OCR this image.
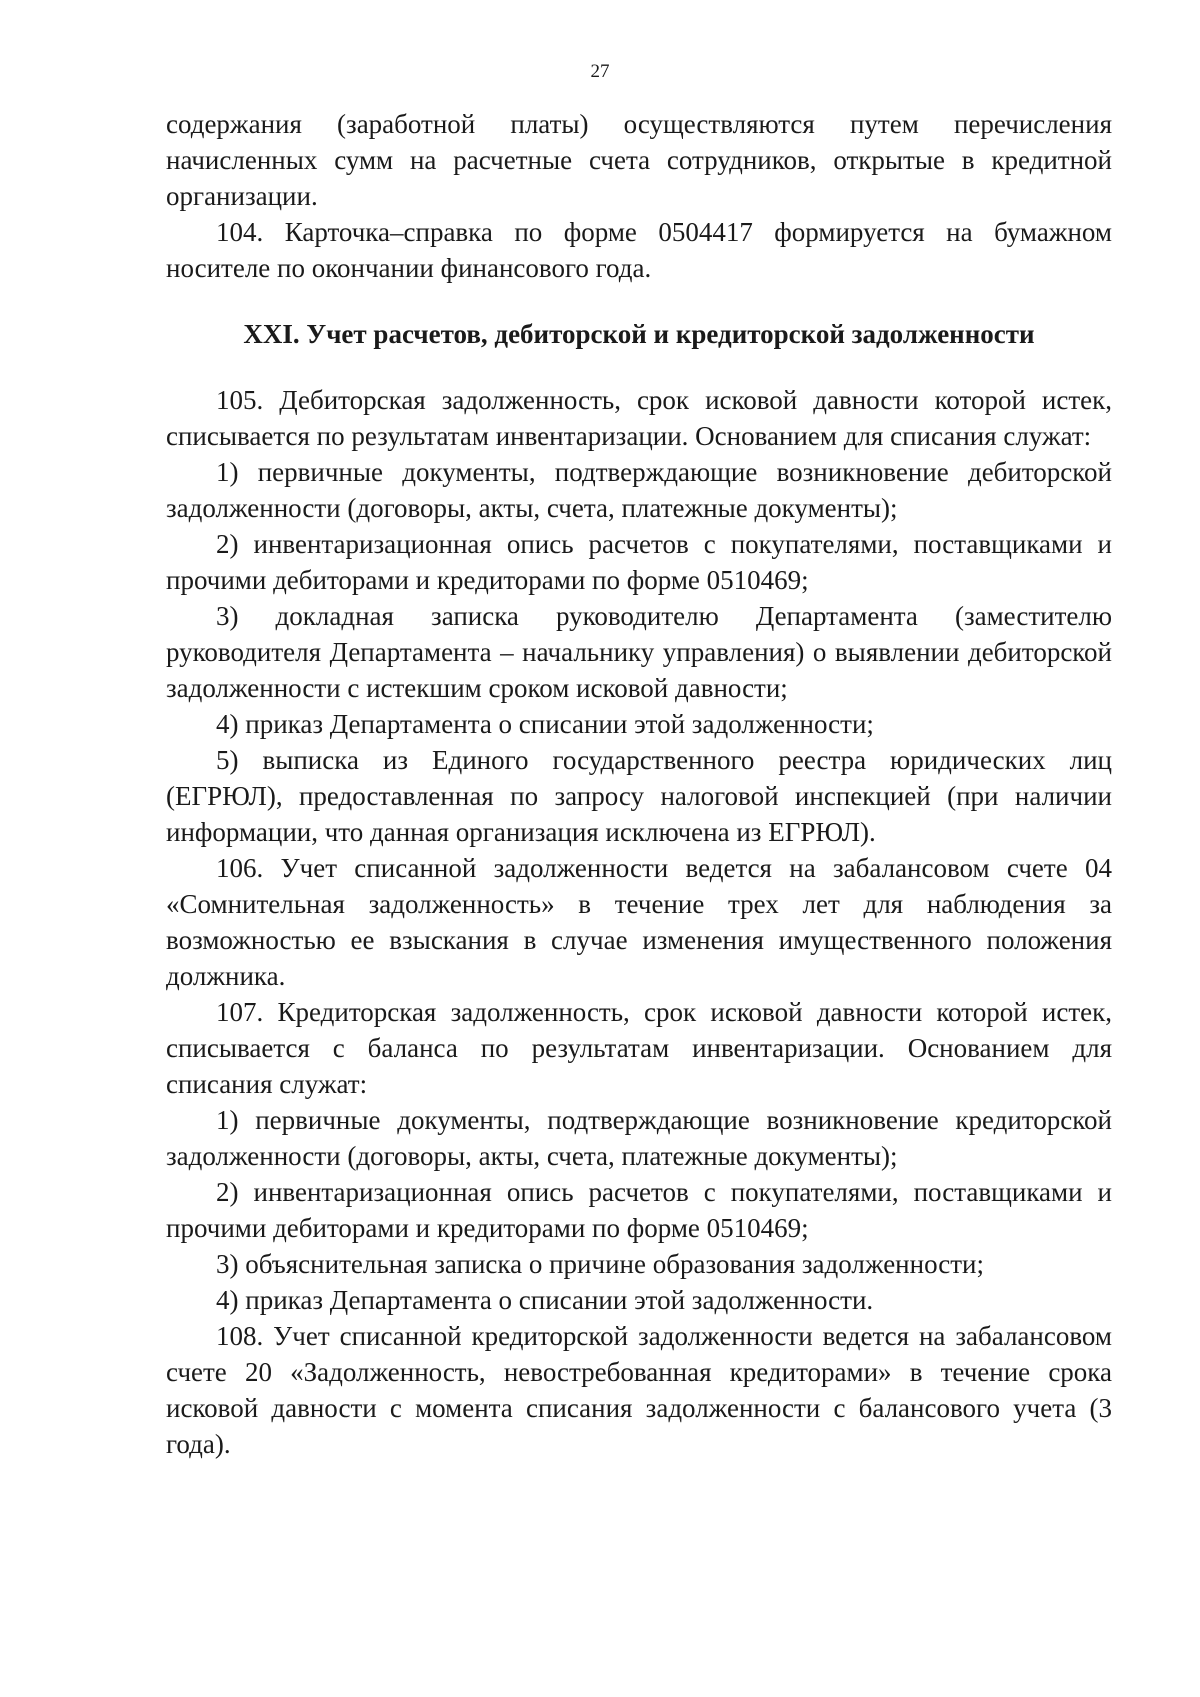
27

содержания (заработной платы) осуществляются путем перечисления начисленных сумм на расчетные счета сотрудников, открытые в кредитной организации.

104. Карточка–справка по форме 0504417 формируется на бумажном носителе по окончании финансового года.

XXI. Учет расчетов, дебиторской и кредиторской задолженности

105. Дебиторская задолженность, срок исковой давности которой истек, списывается по результатам инвентаризации. Основанием для списания служат:

1) первичные документы, подтверждающие возникновение дебиторской задолженности (договоры, акты, счета, платежные документы);

2) инвентаризационная опись расчетов с покупателями, поставщиками и прочими дебиторами и кредиторами по форме 0510469;

3) докладная записка руководителю Департамента (заместителю руководителя Департамента – начальнику управления) о выявлении дебиторской задолженности с истекшим сроком исковой давности;

4) приказ Департамента о списании этой задолженности;

5) выписка из Единого государственного реестра юридических лиц (ЕГРЮЛ), предоставленная по запросу налоговой инспекцией (при наличии информации, что данная организация исключена из ЕГРЮЛ).

106. Учет списанной задолженности ведется на забалансовом счете 04 «Сомнительная задолженность» в течение трех лет для наблюдения за возможностью ее взыскания в случае изменения имущественного положения должника.

107. Кредиторская задолженность, срок исковой давности которой истек, списывается с баланса по результатам инвентаризации. Основанием для списания служат:

1) первичные документы, подтверждающие возникновение кредиторской задолженности (договоры, акты, счета, платежные документы);

2) инвентаризационная опись расчетов с покупателями, поставщиками и прочими дебиторами и кредиторами по форме 0510469;

3) объяснительная записка о причине образования задолженности;

4) приказ Департамента о списании этой задолженности.

108. Учет списанной кредиторской задолженности ведется на забалансовом счете 20 «Задолженность, невостребованная кредиторами» в течение срока исковой давности с момента списания задолженности с балансового учета (3 года).
